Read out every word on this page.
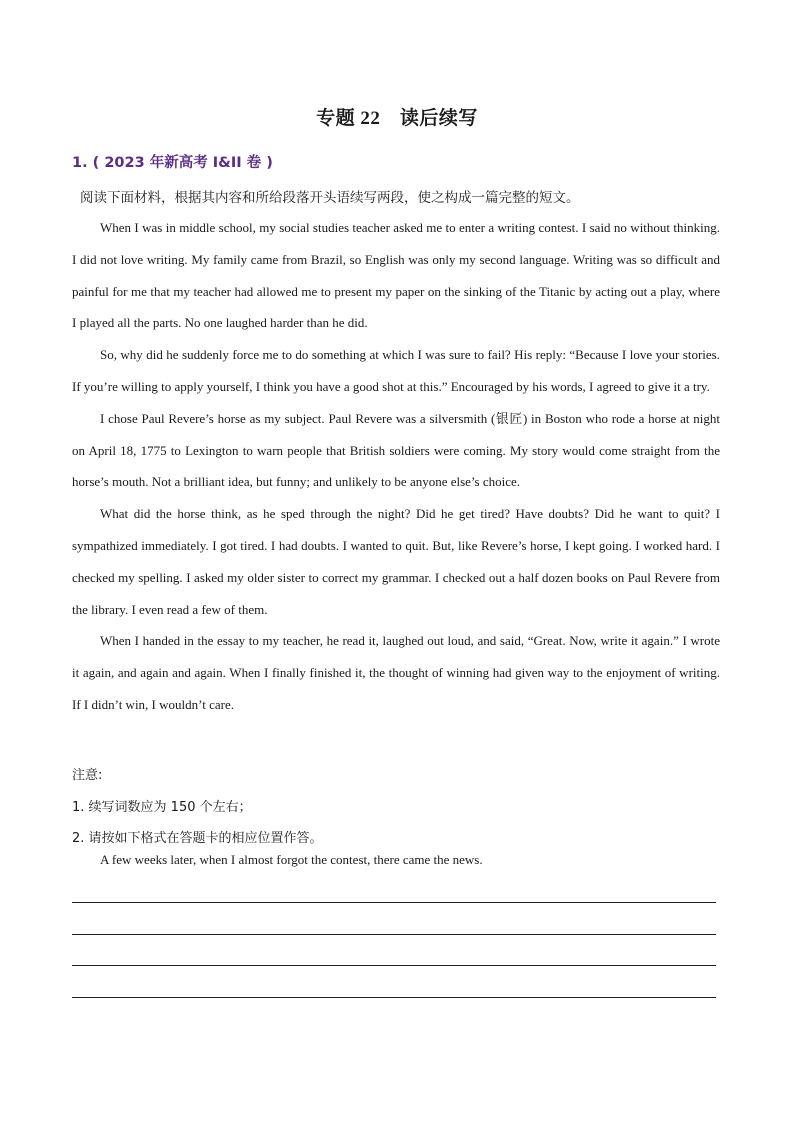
专题 22　读后续写
1. ( 2023 年新高考 I&II 卷 )
阅读下面材料，根据其内容和所给段落开头语续写两段，使之构成一篇完整的短文。

When I was in middle school, my social studies teacher asked me to enter a writing contest. I said no without thinking. I did not love writing. My family came from Brazil, so English was only my second language. Writing was so difficult and painful for me that my teacher had allowed me to present my paper on the sinking of the Titanic by acting out a play, where I played all the parts. No one laughed harder than he did.

So, why did he suddenly force me to do something at which I was sure to fail? His reply: “Because I love your stories. If you’re willing to apply yourself, I think you have a good shot at this.” Encouraged by his words, I agreed to give it a try.

I chose Paul Revere’s horse as my subject. Paul Revere was a silversmith (银匠) in Boston who rode a horse at night on April 18, 1775 to Lexington to warn people that British soldiers were coming. My story would come straight from the horse’s mouth. Not a brilliant idea, but funny; and unlikely to be anyone else’s choice.

What did the horse think, as he sped through the night? Did he get tired? Have doubts? Did he want to quit? I sympathized immediately. I got tired. I had doubts. I wanted to quit. But, like Revere’s horse, I kept going. I worked hard. I checked my spelling. I asked my older sister to correct my grammar. I checked out a half dozen books on Paul Revere from the library. I even read a few of them.

When I handed in the essay to my teacher, he read it, laughed out loud, and said, “Great. Now, write it again.” I wrote it again, and again and again. When I finally finished it, the thought of winning had given way to the enjoyment of writing. If I didn’t win, I wouldn’t care.

注意:
1. 续写词数应为 150 个左右；
2. 请按如下格式在答题卡的相应位置作答。
A few weeks later, when I almost forgot the contest, there came the news.
